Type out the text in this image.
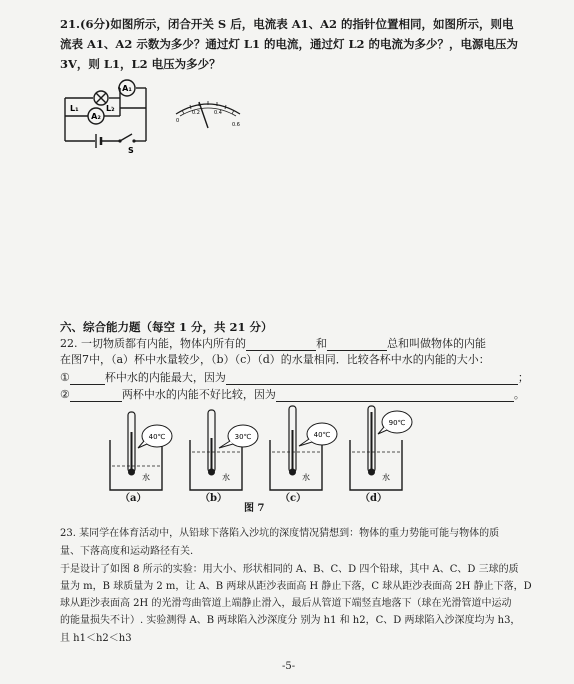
21.(6分)如图所示，闭合开关 S 后，电流表 A1、A2 的指针位置相同，如图所示，则电
流表 A1、A2 示数为多少？通过灯 L1 的电流，通过灯 L2 的电流为多少？，电源电压为
3V，则 L1，L2 电压为多少？
A₁
A₂
L₁	L₂
S
0
0.2	0.4
0.6
六、综合能力题（每空 1 分，共 21 分）
22. 一切物质都有内能，物体内所有的	和	总和叫做物体的内能
在图7中，（a）杯中水量较少，（b）（c）（d）的水量相同．比较各杯中水的内能的大小：
①	杯中水的内能最大，因为	；
②	两杯中水的内能不好比较，因为	。
40℃
水
30℃
水
40℃
水
90℃
水
（a）	（b）	（c）	（d）
图 7
23. 某同学在体育活动中，从铅球下落陷入沙坑的深度情况猜想到：物体的重力势能可能与物体的质
量、下落高度和运动路径有关.
于是设计了如图 8 所示的实验：用大小、形状相同的 A、B、C、D 四个铅球，其中 A、C、D 三球的质
量为 m，B 球质量为 2 m，让 A、B 两球从距沙表面高 H 静止下落，C 球从距沙表面高 2H 静止下落，D
球从距沙表面高 2H 的光滑弯曲管道上端静止滑入，最后从管道下端竖直地落下（球在光滑管道中运动
的能量损失不计）. 实验测得 A、B 两球陷入沙深度分 别为 h1 和 h2，C、D 两球陷入沙深度均为 h3，
且 h1＜h2＜h3
-5-
